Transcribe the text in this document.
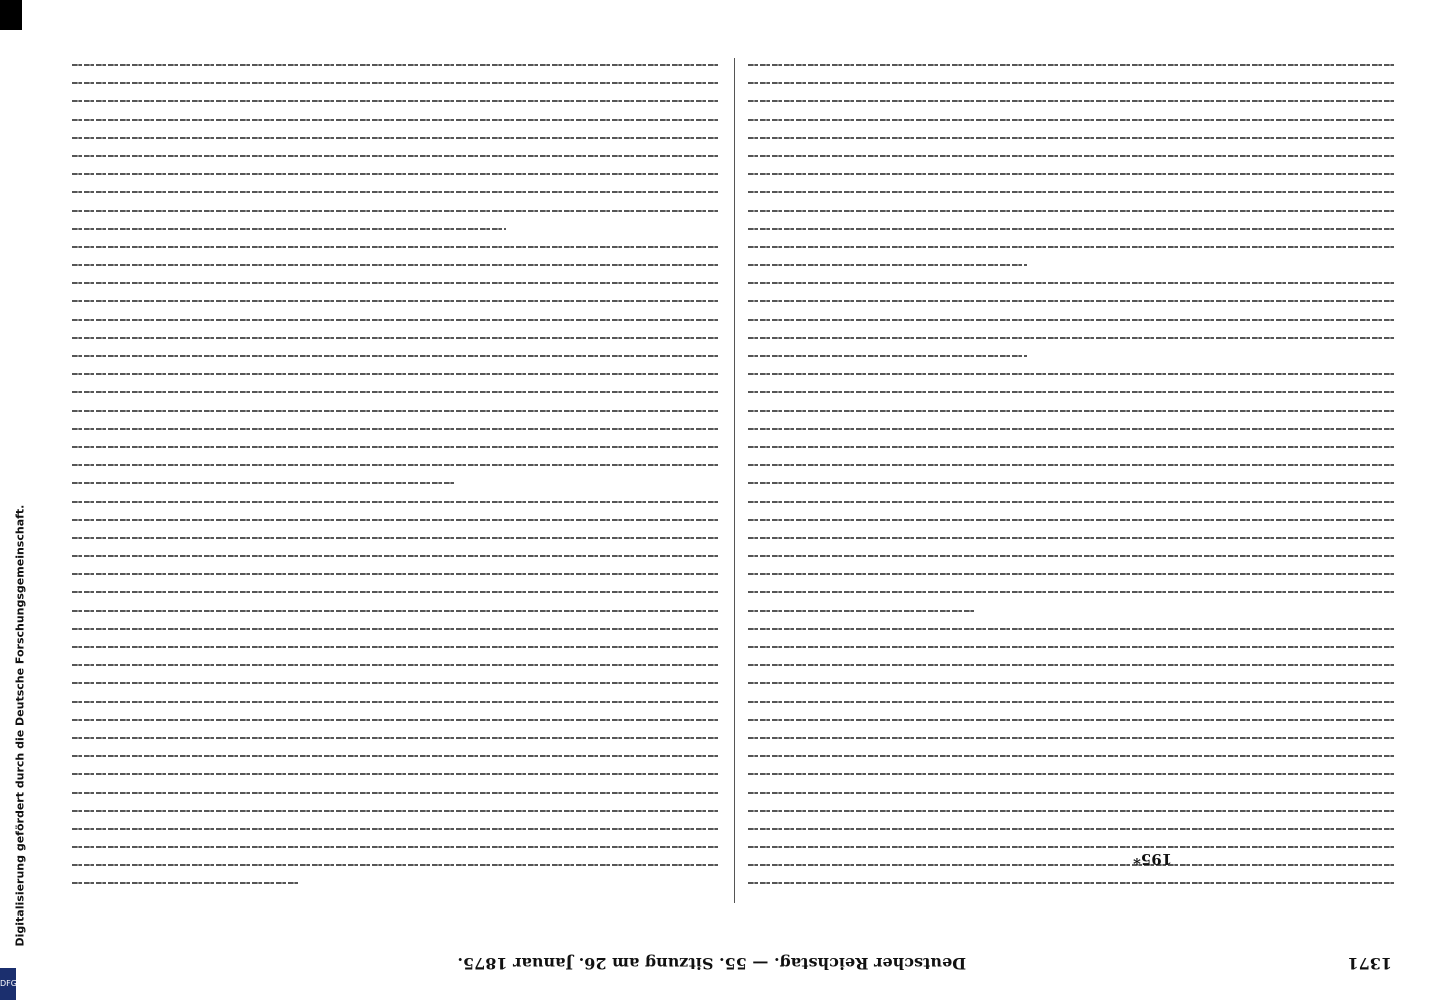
1371
Deutscher Reichstag. — 55. Sitzung am 26. Januar 1875.
195*
Digitalisierung gefördert durch die Deutsche Forschungsgemeinschaft.
DFG
